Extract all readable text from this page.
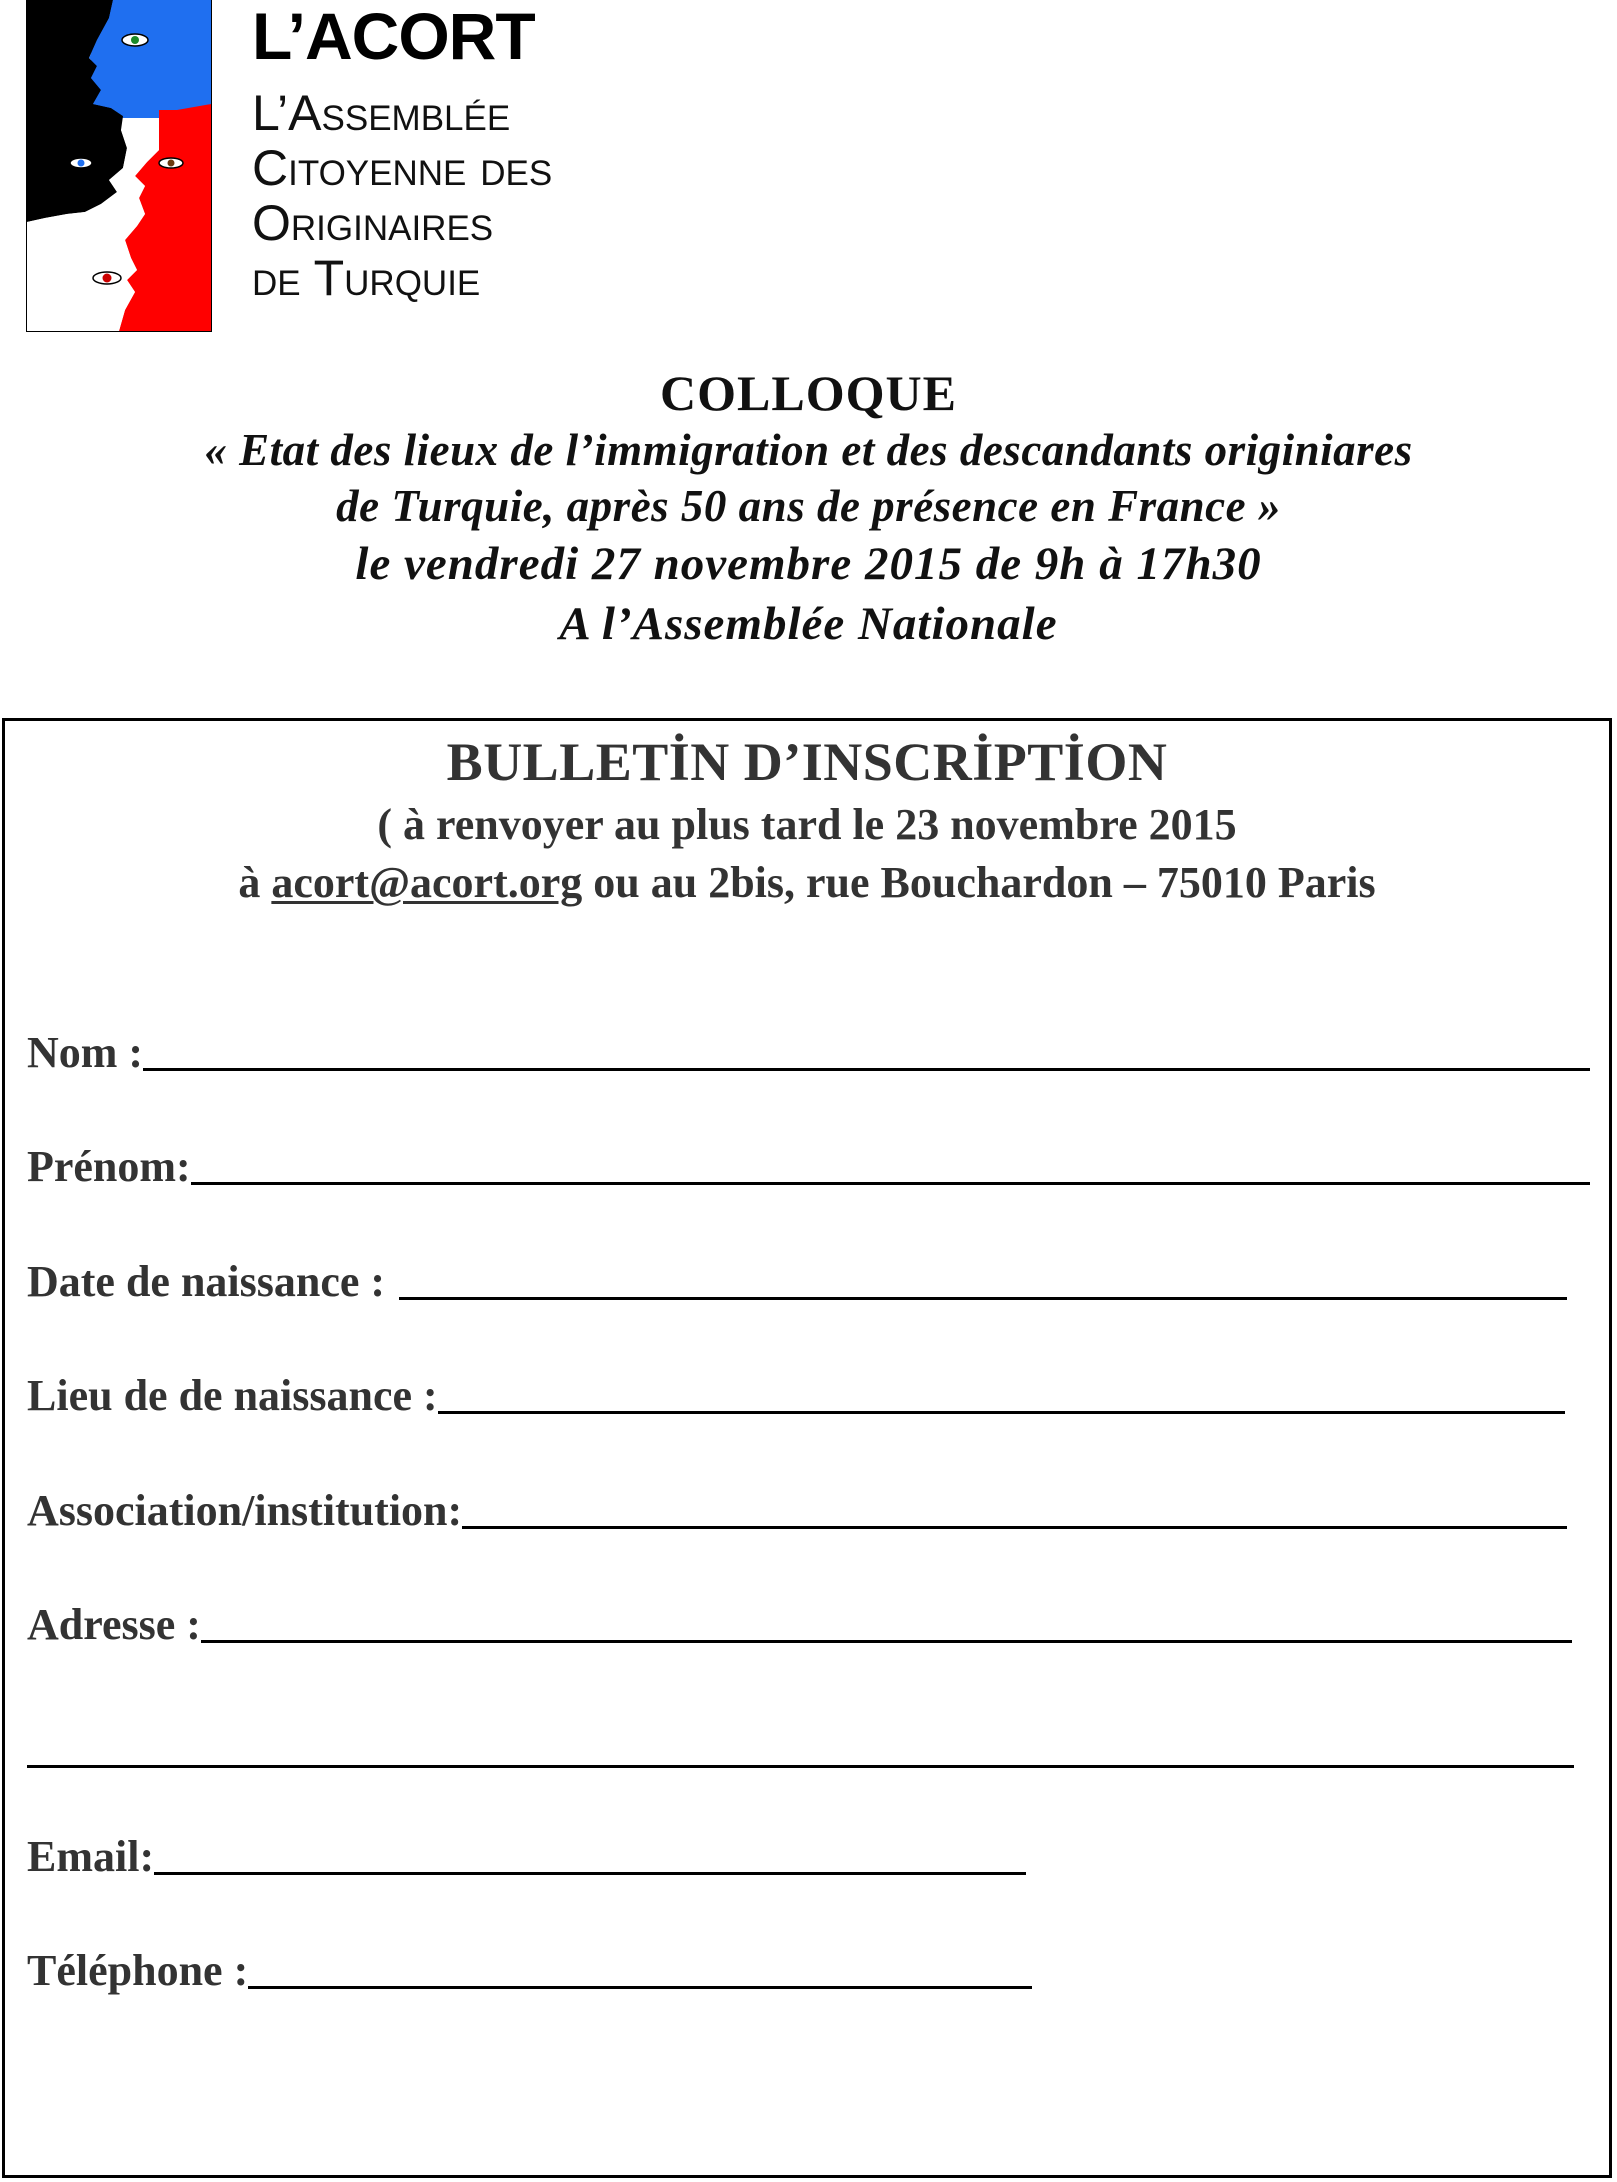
L’ACORT
L’Assemblée
Citoyenne des
Originaires
de Turquie
COLLOQUE
« Etat des lieux de l’immigration et des descandants originiares
de Turquie, après 50 ans de présence en France »
le vendredi 27 novembre 2015 de 9h à 17h30
A l’Assemblée Nationale
BULLETİN D’INSCRİPTİON
( à renvoyer au plus tard le 23 novembre 2015
à acort@acort.org ou au 2bis, rue Bouchardon – 75010 Paris
Nom :
Prénom:
Date de naissance :
Lieu de de naissance :
Association/institution:
Adresse :
Email:
Téléphone :
